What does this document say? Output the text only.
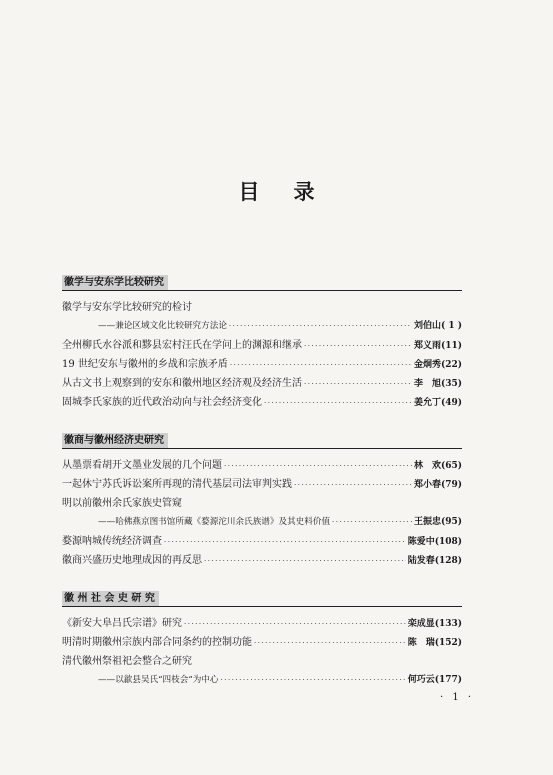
目录
徽学与安东学比较研究
徽学与安东学比较研究的检讨
——兼论区域文化比较研究方法论 ·····	刘伯山( 1 )
全州柳氏水谷派和黟县宏村汪氏在学问上的渊源和继承 ·····	郑义雨(11)
19 世纪安东与徽州的乡战和宗族矛盾 ·····	金炯秀(22)
从古文书上观察到的安东和徽州地区经济观及经济生活 ·····	李　旭(35)
固城李氏家族的近代政治动向与社会经济变化 ·····	姜允丁(49)
徽商与徽州经济史研究
从墨票看胡开文墨业发展的几个问题 ·····	林　欢(65)
一起休宁苏氏诉讼案所再现的清代基层司法审判实践 ·····	郑小春(79)
明以前徽州余氏家族史管窥
——哈佛燕京图书馆所藏《婺源沱川余氏族谱》及其史料价值 ·····	王振忠(95)
婺源呐城传统经济调查 ·····	陈爱中(108)
徽商兴盛历史地理成因的再反思 ·····	陆发春(128)
徽 州 社 会 史 研 究
《新安大阜吕氏宗谱》研究 ·····	栾成显(133)
明清时期徽州宗族内部合同条约的控制功能 ·····	陈　瑞(152)
清代徽州祭祖祀会整合之研究
——以歙县吴氏“四枝会”为中心 ·····	何巧云(177)
· 1 ·
